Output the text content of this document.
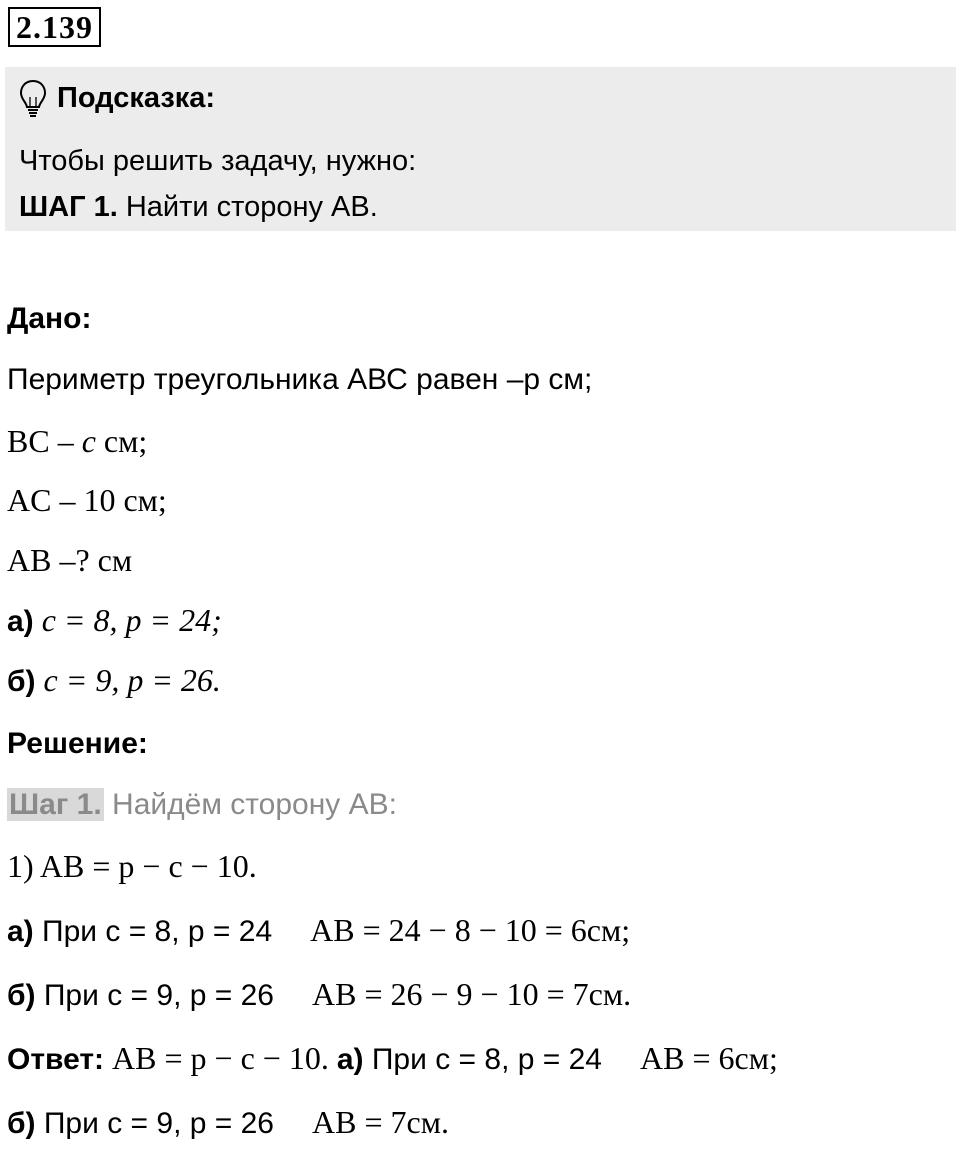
2.139
Подсказка:
Чтобы решить задачу, нужно:
ШАГ 1. Найти сторону АВ.
Дано:
Периметр треугольника АВС равен –р см;
BC – c см;
AC – 10 см;
AB –? см
а) c = 8, p = 24;
б) c = 9, p = 26.
Решение:
Шаг 1. Найдём сторону АВ:
1) AB = p − c − 10.
а) При c = 8, p = 24 AB = 24 − 8 − 10 = 6см;
б) При c = 9, p = 26 AB = 26 − 9 − 10 = 7см.
Ответ: AB = p − c − 10. а) При c = 8, p = 24 AB = 6см;
б) При c = 9, p = 26 AB = 7см.
